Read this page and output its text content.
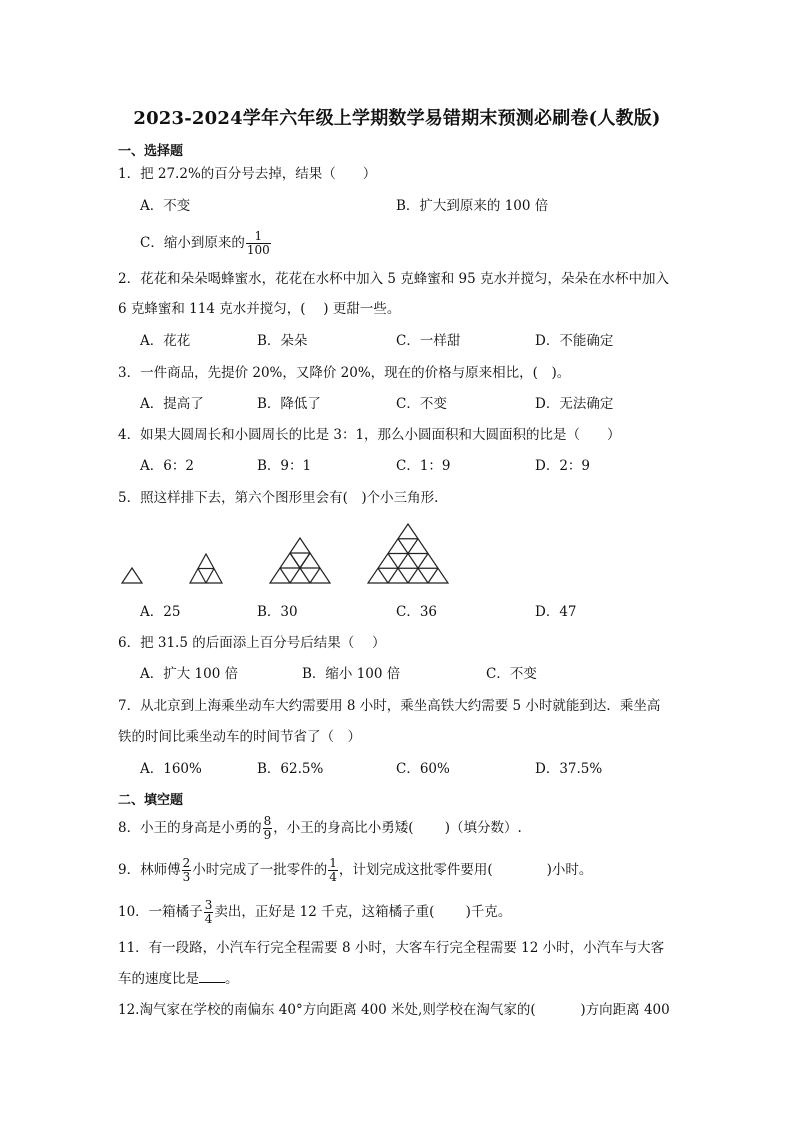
2023-2024学年六年级上学期数学易错期末预测必刷卷(人教版)
一、选择题
1．把 27.2%的百分号去掉，结果（　　）
A．不变	B．扩大到原来的 100 倍
C．缩小到原来的 $\frac{1}{100}$
2．花花和朵朵喝蜂蜜水，花花在水杯中加入 5 克蜂蜜和 95 克水并搅匀，朵朵在水杯中加入
6 克蜂蜜和 114 克水并搅匀，(　 ) 更甜一些。
A．花花	B．朵朵	C．一样甜	D．不能确定
3．一件商品，先提价 20%，又降价 20%，现在的价格与原来相比，(　)。
A．提高了	B．降低了	C．不变	D．无法确定
4．如果大圆周长和小圆周长的比是 3：1，那么小圆面积和大圆面积的比是（　　）
A．6：2	B．9：1	C．1：9	D．2：9
5．照这样排下去，第六个图形里会有(　)个小三角形.
A．25	B．30	C．36	D．47
6．把 31.5 的后面添上百分号后结果（　 ）
A．扩大 100 倍	B．缩小 100 倍	C．不变
7．从北京到上海乘坐动车大约需要用 8 小时，乘坐高铁大约需要 5 小时就能到达．乘坐高
铁的时间比乘坐动车的时间节省了（　）
A．160%	B．62.5%	C．60%	D．37.5%
二、填空题
8．小王的身高是小勇的 $\frac{8}{9}$ ，小王的身高比小勇矮(　　 )（填分数）.
9．林师傅 $\frac{2}{3}$ 小时完成了一批零件的 $\frac{1}{4}$ ，计划完成这批零件要用(　　　　)小时。
10．一箱橘子 $\frac{3}{4}$ 卖出，正好是 12 千克，这箱橘子重(　　 )千克。
11．有一段路，小汽车行完全程需要 8 小时，大客车行完全程需要 12 小时，小汽车与大客
车的速度比是 。
12.淘气家在学校的南偏东 40°方向距离 400 米处,则学校在淘气家的(　　　 )方向距离 400
